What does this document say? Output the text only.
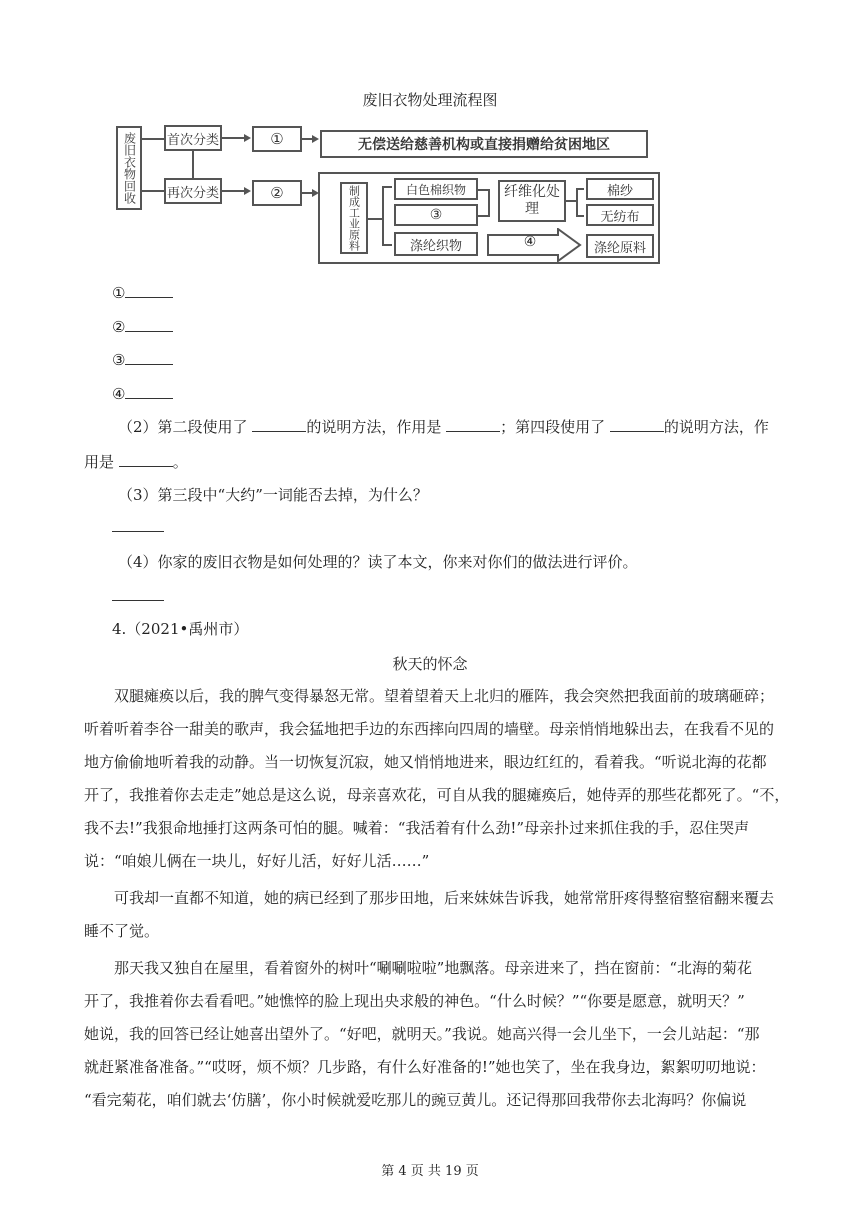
废旧衣物处理流程图
废旧衣物回收	首次分类
再次分类
①
②
无偿送给慈善机构或直接捐赠给贫困地区
制成工业原料	白色棉织物
③
涤纶织物
纤维化处理
棉纱
无纺布
④	涤纶原料
①
②
③
④
（2）第二段使用了	的说明方法，作用是	；第四段使用了	的说明方法，作
用是	。
（3）第三段中“大约”一词能否去掉，为什么？
（4）你家的废旧衣物是如何处理的？读了本文，你来对你们的做法进行评价。
4.（2021•禹州市）
秋天的怀念
双腿瘫痪以后，我的脾气变得暴怒无常。望着望着天上北归的雁阵，我会突然把我面前的玻璃砸碎；
听着听着李谷一甜美的歌声，我会猛地把手边的东西摔向四周的墙壁。母亲悄悄地躲出去，在我看不见的
地方偷偷地听着我的动静。当一切恢复沉寂，她又悄悄地进来，眼边红红的，看着我。“听说北海的花都
开了，我推着你去走走”她总是这么说，母亲喜欢花，可自从我的腿瘫痪后，她侍弄的那些花都死了。“不，
我不去!”我狠命地捶打这两条可怕的腿。喊着：“我活着有什么劲!”母亲扑过来抓住我的手，忍住哭声
说：“咱娘儿俩在一块儿，好好儿活，好好儿活……”
可我却一直都不知道，她的病已经到了那步田地，后来妹妹告诉我，她常常肝疼得整宿整宿翻来覆去
睡不了觉。
那天我又独自在屋里，看着窗外的树叶“唰唰啦啦”地飘落。母亲进来了，挡在窗前：“北海的菊花
开了，我推着你去看看吧。”她憔悴的脸上现出央求般的神色。“什么时候？”“你要是愿意，就明天？”
她说，我的回答已经让她喜出望外了。“好吧，就明天。”我说。她高兴得一会儿坐下，一会儿站起：“那
就赶紧准备准备。”“哎呀，烦不烦？几步路，有什么好准备的!”她也笑了，坐在我身边，絮絮叨叨地说：
“看完菊花，咱们就去‘仿膳’，你小时候就爱吃那儿的豌豆黄儿。还记得那回我带你去北海吗？你偏说
第 4 页 共 19 页
